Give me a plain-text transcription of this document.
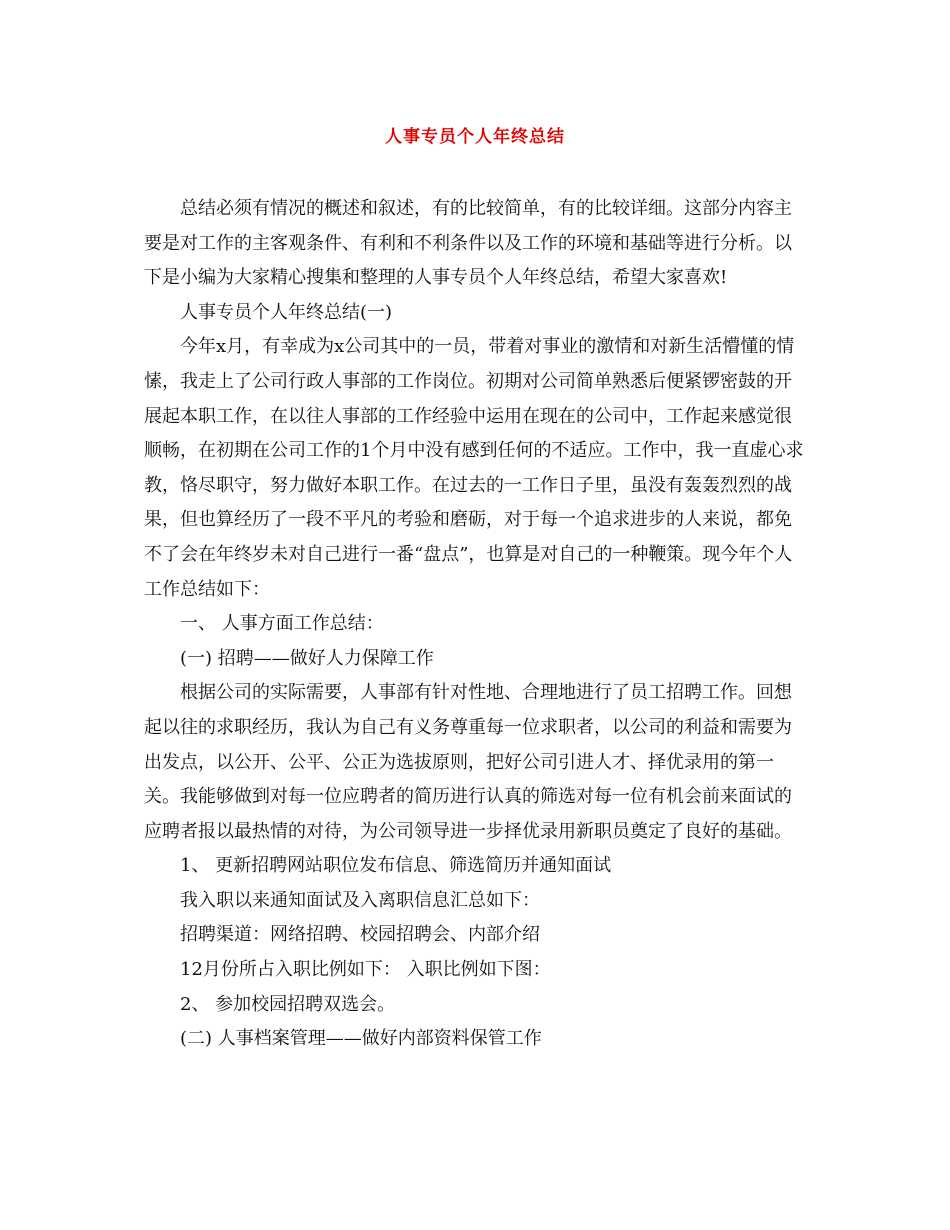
人事专员个人年终总结

总结必须有情况的概述和叙述，有的比较简单，有的比较详细。这部分内容主要是对工作的主客观条件、有利和不利条件以及工作的环境和基础等进行分析。以下是小编为大家精心搜集和整理的人事专员个人年终总结，希望大家喜欢!

人事专员个人年终总结(一)

今年x月，有幸成为x公司其中的一员，带着对事业的激情和对新生活懵懂的情愫，我走上了公司行政人事部的工作岗位。初期对公司简单熟悉后便紧锣密鼓的开展起本职工作，在以往人事部的工作经验中运用在现在的公司中，工作起来感觉很顺畅，在初期在公司工作的1个月中没有感到任何的不适应。工作中，我一直虚心求教，恪尽职守，努力做好本职工作。在过去的一工作日子里，虽没有轰轰烈烈的战果，但也算经历了一段不平凡的考验和磨砺，对于每一个追求进步的人来说，都免不了会在年终岁未对自己进行一番“盘点”，也算是对自己的一种鞭策。现今年个人工作总结如下：

一、 人事方面工作总结：

(一) 招聘——做好人力保障工作

根据公司的实际需要，人事部有针对性地、合理地进行了员工招聘工作。回想起以往的求职经历，我认为自己有义务尊重每一位求职者，以公司的利益和需要为出发点，以公开、公平、公正为选拔原则，把好公司引进人才、择优录用的第一关。我能够做到对每一位应聘者的简历进行认真的筛选对每一位有机会前来面试的应聘者报以最热情的对待，为公司领导进一步择优录用新职员奠定了良好的基础。

1、 更新招聘网站职位发布信息、筛选简历并通知面试

我入职以来通知面试及入离职信息汇总如下：

招聘渠道：网络招聘、校园招聘会、内部介绍

12月份所占入职比例如下： 入职比例如下图：

2、 参加校园招聘双选会。

(二) 人事档案管理——做好内部资料保管工作
